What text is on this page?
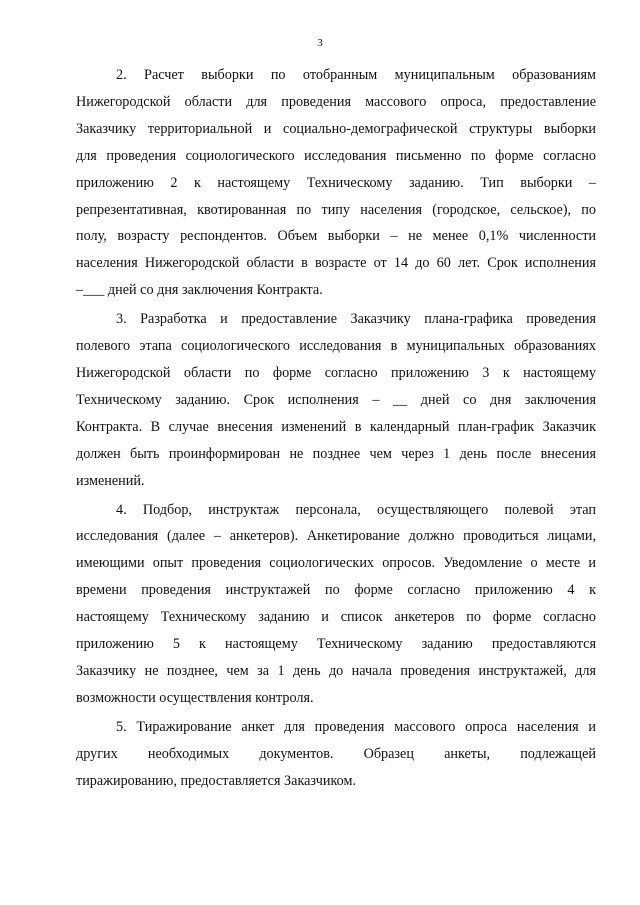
3
2. Расчет выборки по отобранным муниципальным образованиям
Нижегородской области для проведения массового опроса, предоставление
Заказчику территориальной и социально-демографической структуры выборки
для проведения социологического исследования письменно по форме согласно
приложению 2 к настоящему Техническому заданию. Тип выборки –
репрезентативная, квотированная по типу населения (городское, сельское), по
полу, возрасту респондентов. Объем выборки – не менее 0,1% численности
населения Нижегородской области в возрасте от 14 до 60 лет. Срок исполнения
–___ дней со дня заключения Контракта.
3. Разработка и предоставление Заказчику плана-графика проведения
полевого этапа социологического исследования в муниципальных образованиях
Нижегородской области по форме согласно приложению 3 к настоящему
Техническому заданию. Срок исполнения – __ дней со дня заключения
Контракта. В случае внесения изменений в календарный план-график Заказчик
должен быть проинформирован не позднее чем через 1 день после внесения
изменений.
4. Подбор, инструктаж персонала, осуществляющего полевой этап
исследования (далее – анкетеров). Анкетирование должно проводиться лицами,
имеющими опыт проведения социологических опросов. Уведомление о месте и
времени проведения инструктажей по форме согласно приложению 4 к
настоящему Техническому заданию и список анкетеров по форме согласно
приложению 5 к настоящему Техническому заданию предоставляются
Заказчику не позднее, чем за 1 день до начала проведения инструктажей, для
возможности осуществления контроля.
5. Тиражирование анкет для проведения массового опроса населения и
других необходимых документов. Образец анкеты, подлежащей
тиражированию, предоставляется Заказчиком.
